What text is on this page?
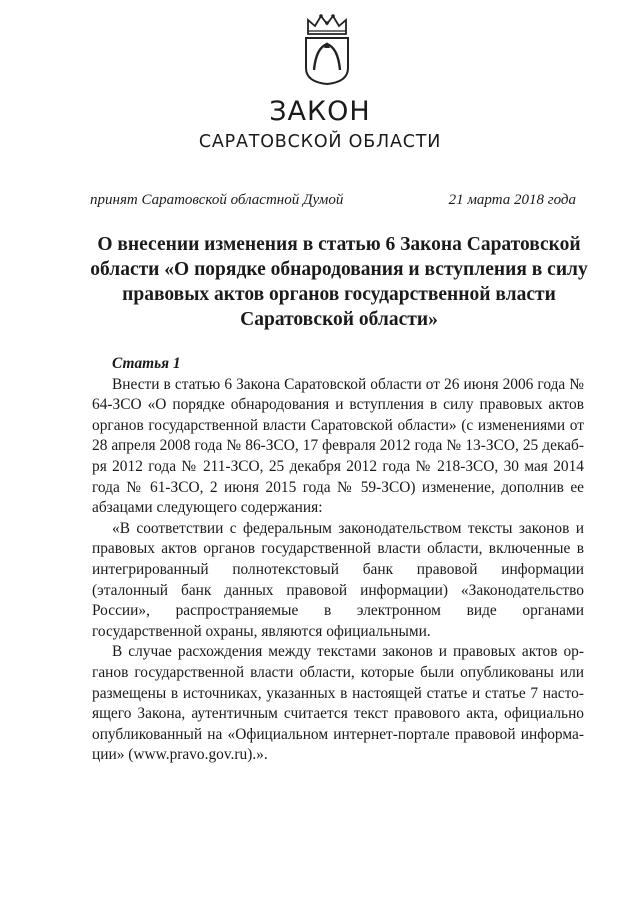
ЗАКОН
САРАТОВСКОЙ ОБЛАСТИ
принят Саратовской областной Думой	21 марта 2018 года
О внесении изменения в статью 6 Закона Саратовской области «О порядке обнародования и вступления в силу правовых актов органов государственной власти Саратовской области»

Статья 1

Внести в статью 6 Закона Саратовской области от 26 июня 2006 года № 64-ЗСО «О порядке обнародования и вступления в силу правовых актов органов государственной власти Саратовской области» (с изменениями от 28 апреля 2008 года № 86-ЗСО, 17 февраля 2012 года № 13-ЗСО, 25 декабря 2012 года № 211-ЗСО, 25 декабря 2012 года № 218-ЗСО, 30 мая 2014 года № 61-ЗСО, 2 июня 2015 года № 59-ЗСО) изменение, дополнив ее абзацами следующего содержания:

«В соответствии с федеральным законодательством тексты законов и правовых актов органов государственной власти области, включенные в интегрированный полнотекстовый банк правовой информации (эталонный банк данных правовой информации) «Законодательство России», распространяемые в электронном виде органами государственной охраны, являются официальными.

В случае расхождения между текстами законов и правовых актов органов государственной власти области, которые были опубликованы или размещены в источниках, указанных в настоящей статье и статье 7 настоящего Закона, аутентичным считается текст правового акта, официально опубликованный на «Официальном интернет-портале правовой информации» (www.pravo.gov.ru).».
